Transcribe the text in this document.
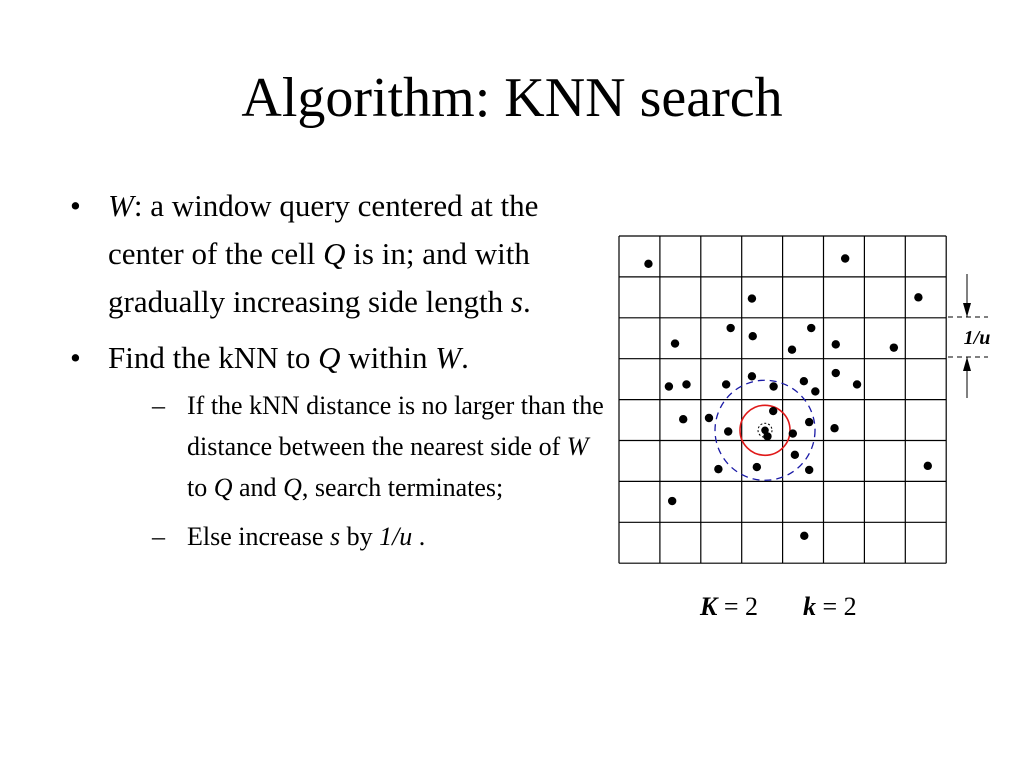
Algorithm: KNN search
• W: a window query centered at the center of the cell Q is in; and with gradually increasing side length s.
• Find the kNN to Q within W.
– If the kNN distance is no larger than the distance between the nearest side of W to Q and Q, search terminates;
– Else increase s by 1/u .
1/u
K = 2 k = 2
